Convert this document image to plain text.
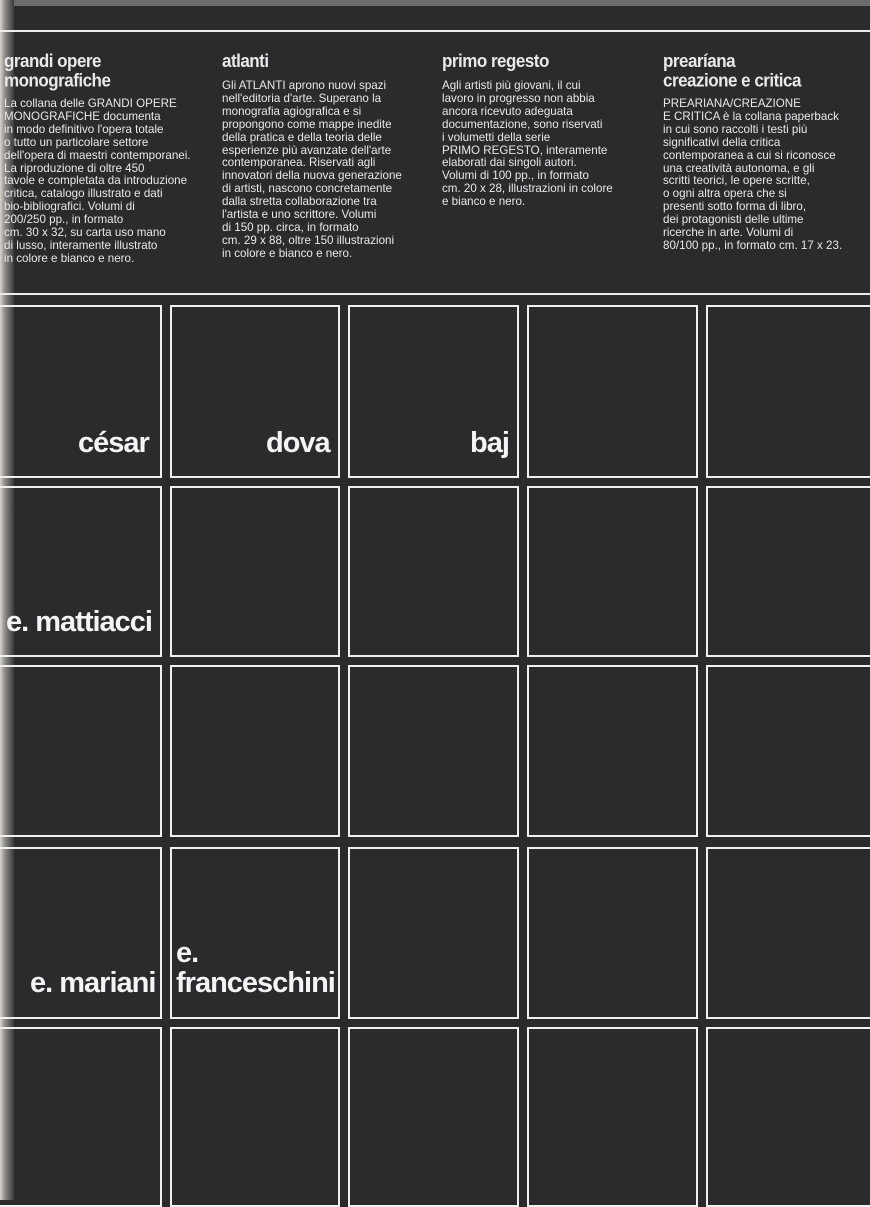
grandi opere
monografiche

La collana delle GRANDI OPERE
MONOGRAFICHE documenta
in modo definitivo l'opera totale
o tutto un particolare settore
dell'opera di maestri contemporanei.
La riproduzione di oltre 450
tavole e completata da introduzione
critica, catalogo illustrato e dati
bio-bibliografici. Volumi di
200/250 pp., in formato
cm. 30 x 32, su carta uso mano
di lusso, interamente illustrato
in colore e bianco e nero.

atlanti

Gli ATLANTI aprono nuovi spazi
nell'editoria d'arte. Superano la
monografia agiografica e si
propongono come mappe inedite
della pratica e della teoria delle
esperienze più avanzate dell'arte
contemporanea. Riservati agli
innovatori della nuova generazione
di artisti, nascono concretamente
dalla stretta collaborazione tra
l'artista e uno scrittore. Volumi
di 150 pp. circa, in formato
cm. 29 x 88, oltre 150 illustrazioni
in colore e bianco e nero.

primo regesto

Agli artisti più giovani, il cui
lavoro in progresso non abbia
ancora ricevuto adeguata
documentazione, sono riservati
i volumetti della serie
PRIMO REGESTO, interamente
elaborati dai singoli autori.
Volumi di 100 pp., in formato
cm. 20 x 28, illustrazioni in colore
e bianco e nero.

prearíana
creazione e critica

PREARIANA/CREAZIONE
E CRITICA è la collana paperback
in cui sono raccolti i testi più
significativi della critica
contemporanea a cui si riconosce
una creatività autonoma, e gli
scritti teorici, le opere scritte,
o ogni altra opera che si
presenti sotto forma di libro,
dei protagonisti delle ultime
ricerche in arte. Volumi di
80/100 pp., in formato cm. 17 x 23.

césar	dova	baj
e. mattiacci
e. mariani
e.
franceschini
